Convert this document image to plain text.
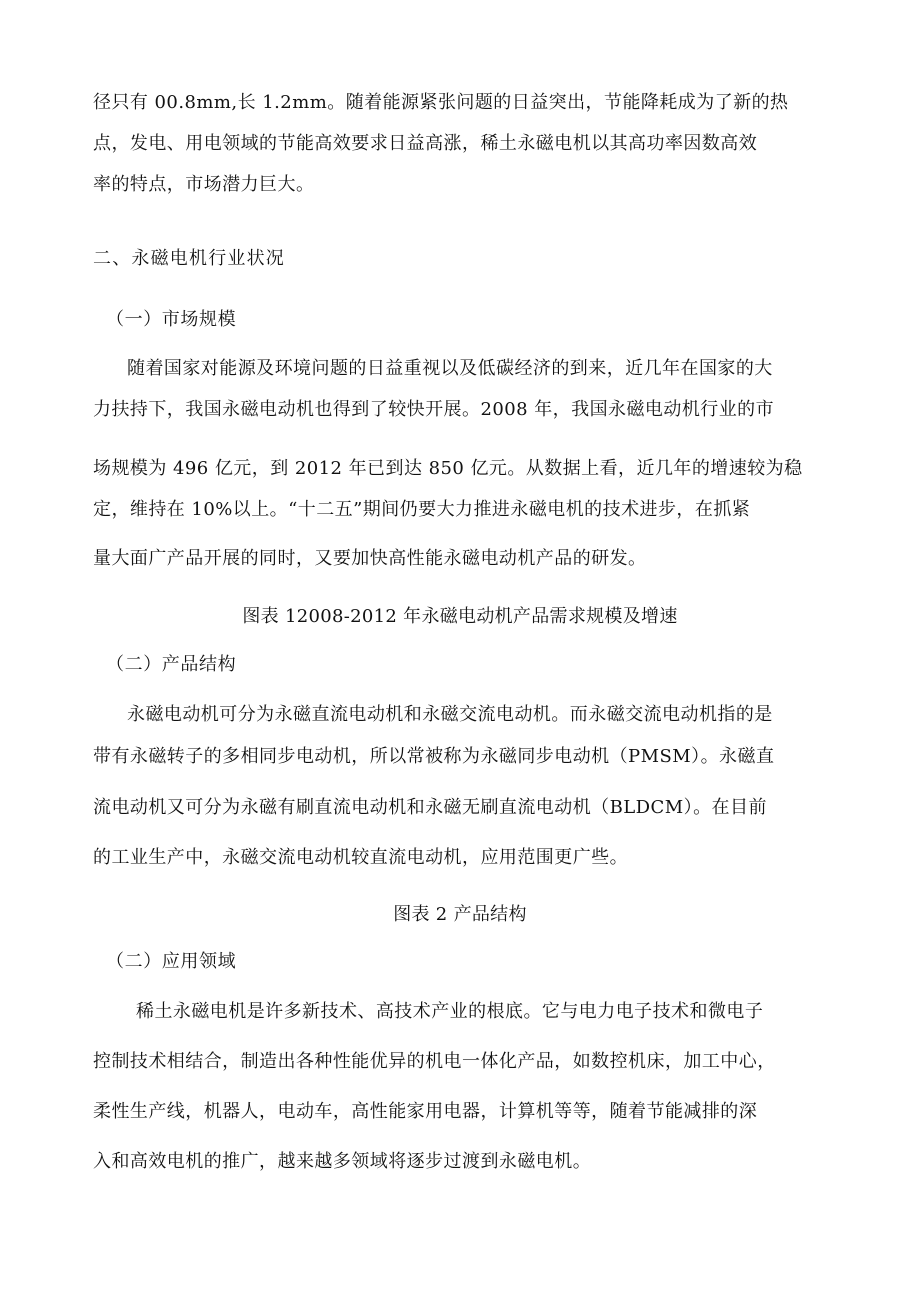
径只有 00.8mm,长 1.2mm。随着能源紧张问题的日益突出，节能降耗成为了新的热
点，发电、用电领域的节能高效要求日益高涨，稀土永磁电机以其高功率因数高效
率的特点，市场潜力巨大。
二、永磁电机行业状况
（一）市场规模
随着国家对能源及环境问题的日益重视以及低碳经济的到来，近几年在国家的大
力扶持下，我国永磁电动机也得到了较快开展。2008 年，我国永磁电动机行业的市
场规模为 496 亿元，到 2012 年已到达 850 亿元。从数据上看，近几年的增速较为稳
定，维持在 10%以上。“十二五”期间仍要大力推进永磁电机的技术进步，在抓紧
量大面广产品开展的同时，又要加快高性能永磁电动机产品的研发。
图表 12008-2012 年永磁电动机产品需求规模及增速
（二）产品结构
永磁电动机可分为永磁直流电动机和永磁交流电动机。而永磁交流电动机指的是
带有永磁转子的多相同步电动机，所以常被称为永磁同步电动机（PMSM）。永磁直
流电动机又可分为永磁有刷直流电动机和永磁无刷直流电动机（BLDCM）。在目前
的工业生产中，永磁交流电动机较直流电动机，应用范围更广些。
图表 2 产品结构
（二）应用领域
稀土永磁电机是许多新技术、高技术产业的根底。它与电力电子技术和微电子
控制技术相结合，制造出各种性能优异的机电一体化产品，如数控机床，加工中心，
柔性生产线，机器人，电动车，高性能家用电器，计算机等等，随着节能减排的深
入和高效电机的推广，越来越多领域将逐步过渡到永磁电机。
